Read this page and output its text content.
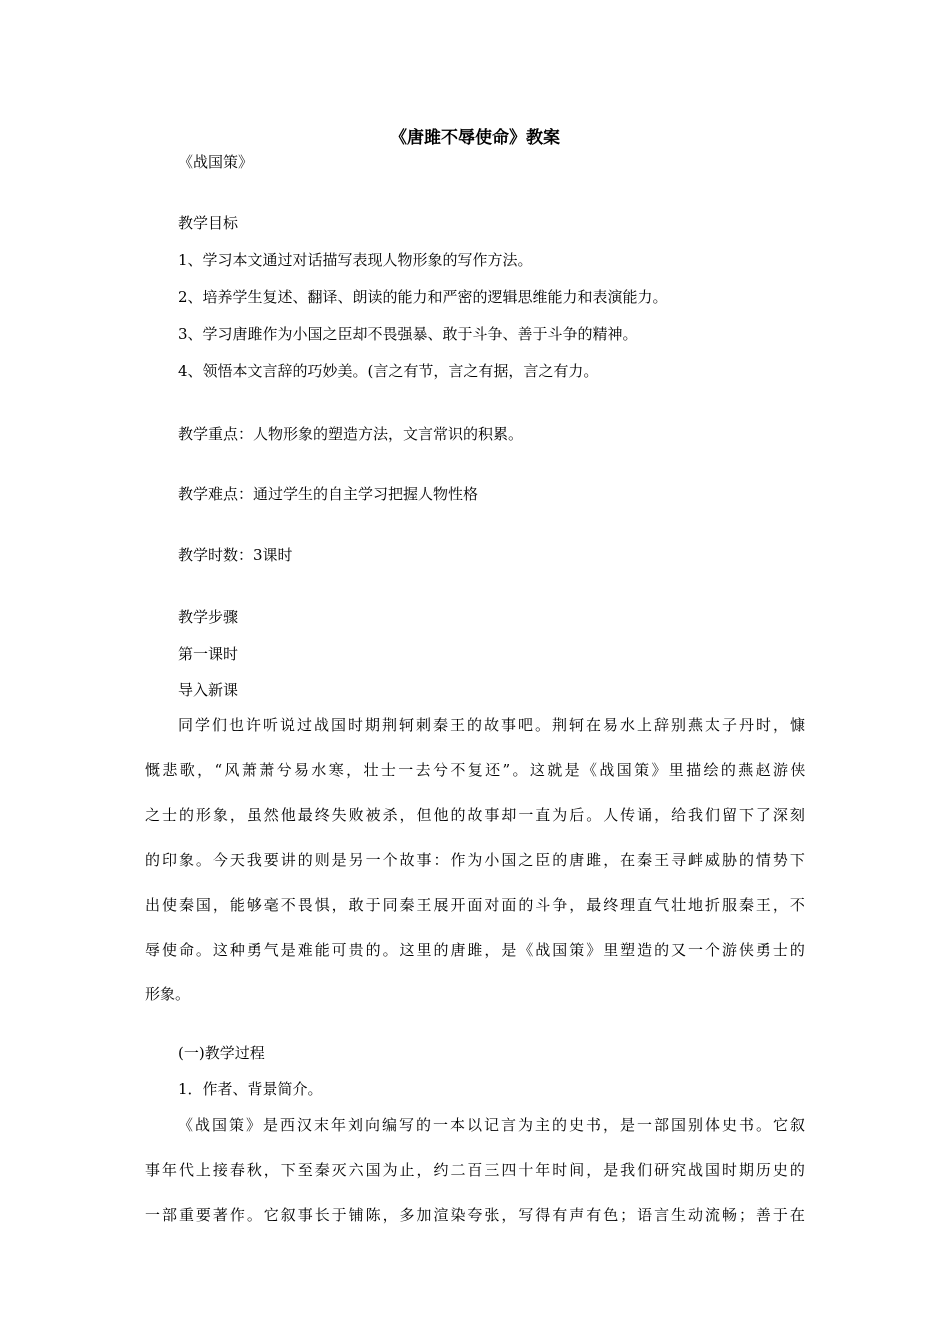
《唐雎不辱使命》教案
《战国策》
教学目标
1、学习本文通过对话描写表现人物形象的写作方法。
2、培养学生复述、翻译、朗读的能力和严密的逻辑思维能力和表演能力。
3、学习唐雎作为小国之臣却不畏强暴、敢于斗争、善于斗争的精神。
4、领悟本文言辞的巧妙美。(言之有节，言之有据，言之有力。
教学重点：人物形象的塑造方法，文言常识的积累。
教学难点：通过学生的自主学习把握人物性格
教学时数：3课时
教学步骤
第一课时
导入新课
同学们也许听说过战国时期荆轲刺秦王的故事吧。荆轲在易水上辞别燕太子丹时，慷
慨悲歌，“风萧萧兮易水寒，壮士一去兮不复还”。这就是《战国策》里描绘的燕赵游侠
之士的形象，虽然他最终失败被杀，但他的故事却一直为后。人传诵，给我们留下了深刻
的印象。今天我要讲的则是另一个故事：作为小国之臣的唐雎，在秦王寻衅威胁的情势下
出使秦国，能够毫不畏惧，敢于同秦王展开面对面的斗争，最终理直气壮地折服秦王，不
辱使命。这种勇气是难能可贵的。这里的唐雎，是《战国策》里塑造的又一个游侠勇士的
形象。
(一)教学过程
1．作者、背景简介。
《战国策》是西汉末年刘向编写的一本以记言为主的史书，是一部国别体史书。它叙
事年代上接春秋，下至秦灭六国为止，约二百三四十年时间，是我们研究战国时期历史的
一部重要著作。它叙事长于铺陈，多加渲染夸张，写得有声有色；语言生动流畅；善于在
